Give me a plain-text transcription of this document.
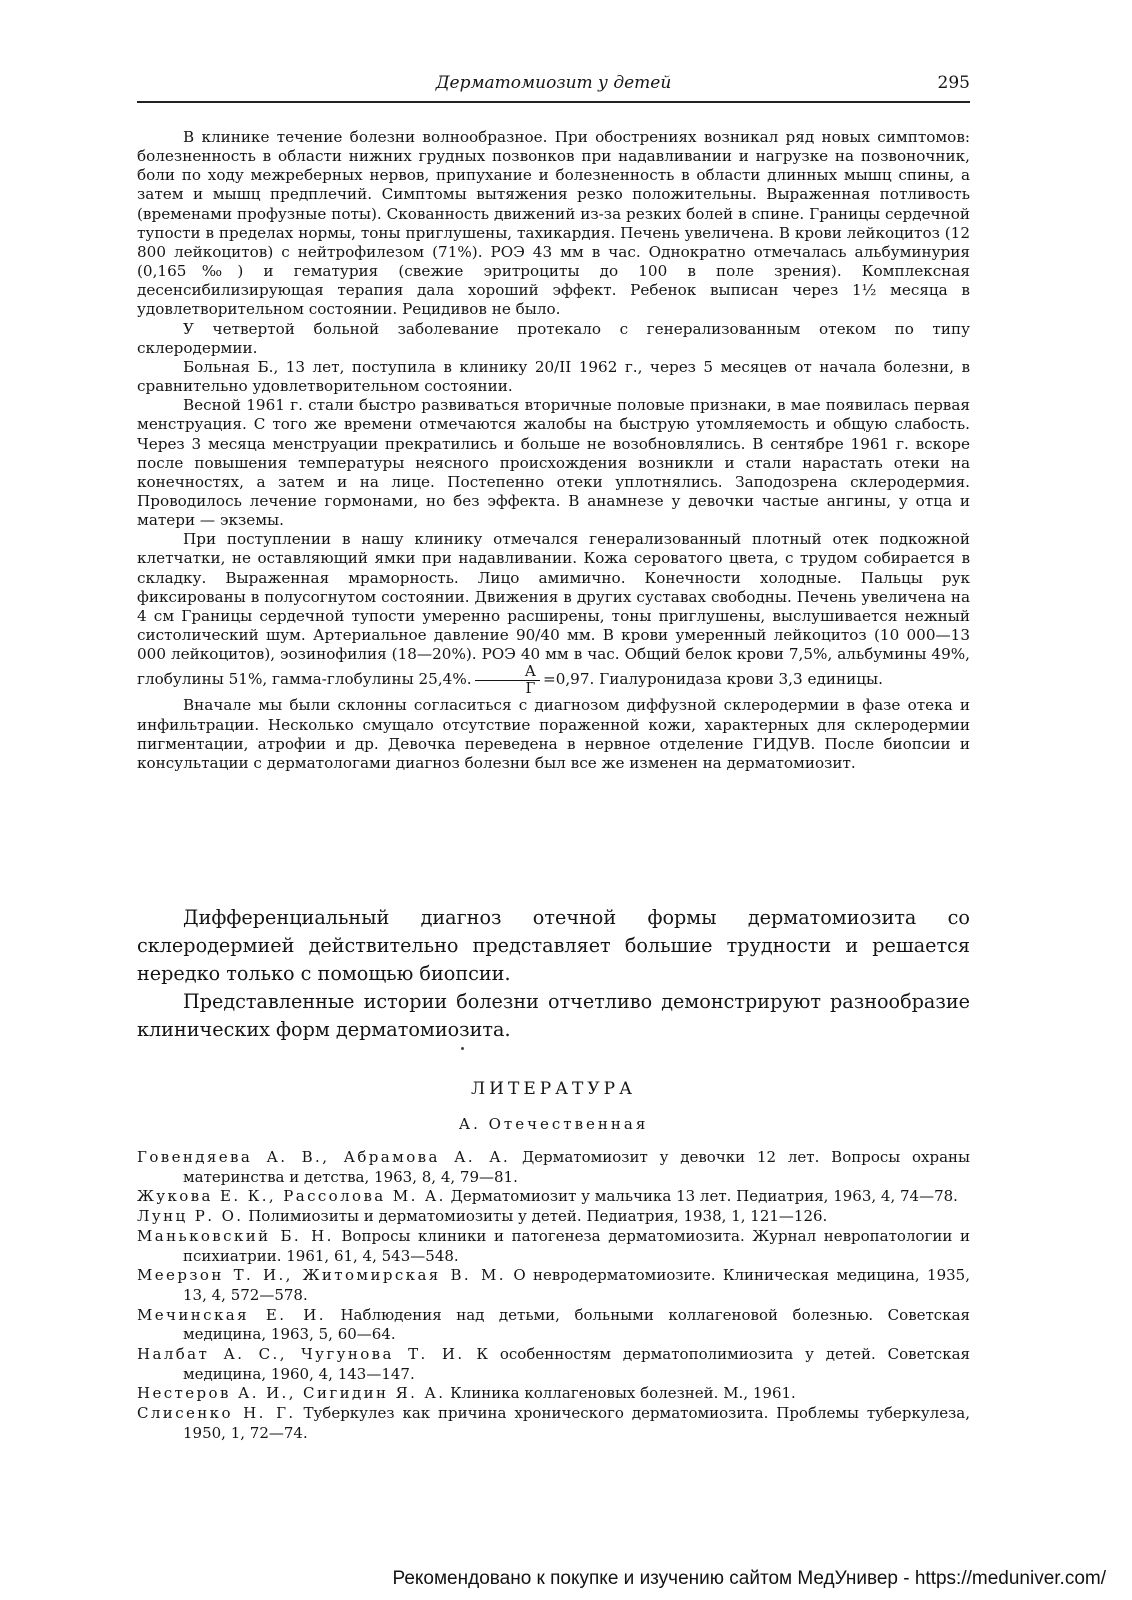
Дерматомиозит у детей	295

В клинике течение болезни волнообразное. При обострениях возникал ряд новых симптомов: болезненность в области нижних грудных позвонков при надавливании и нагрузке на позвоночник, боли по ходу межреберных нервов, припухание и болезненность в области длинных мышц спины, а затем и мышц предплечий. Симптомы вытяжения резко положительны. Выраженная потливость (временами профузные поты). Скованность движений из-за резких болей в спине. Границы сердечной тупости в пределах нормы, тоны приглушены, тахикардия. Печень увеличена. В крови лейкоцитоз (12 800 лейкоцитов) с нейтрофилезом (71%). РОЭ 43 мм в час. Однократно отмечалась альбуминурия (0,165‰) и гематурия (свежие эритроциты до 100 в поле зрения). Комплексная десенсибилизирующая терапия дала хороший эффект. Ребенок выписан через 1½ месяца в удовлетворительном состоянии. Рецидивов не было.

У четвертой больной заболевание протекало с генерализованным отеком по типу склеродермии.

Больная Б., 13 лет, поступила в клинику 20/II 1962 г., через 5 месяцев от начала болезни, в сравнительно удовлетворительном состоянии.

Весной 1961 г. стали быстро развиваться вторичные половые признаки, в мае появилась первая менструация. С того же времени отмечаются жалобы на быструю утомляемость и общую слабость. Через 3 месяца менструации прекратились и больше не возобновлялись. В сентябре 1961 г. вскоре после повышения температуры неясного происхождения возникли и стали нарастать отеки на конечностях, а затем и на лице. Постепенно отеки уплотнялись. Заподозрена склеродермия. Проводилось лечение гормонами, но без эффекта. В анамнезе у девочки частые ангины, у отца и матери — экземы.

При поступлении в нашу клинику отмечался генерализованный плотный отек подкожной клетчатки, не оставляющий ямки при надавливании. Кожа сероватого цвета, с трудом собирается в складку. Выраженная мраморность. Лицо амимично. Конечности холодные. Пальцы рук фиксированы в полусогнутом состоянии. Движения в других суставах свободны. Печень увеличена на 4 см Границы сердечной тупости умеренно расширены, тоны приглушены, выслушивается нежный систолический шум. Артериальное давление 90/40 мм. В крови умеренный лейкоцитоз (10 000—13 000 лейкоцитов), эозинофилия (18—20%). РОЭ 40 мм в час. Общий белок крови 7,5%, альбумины 49%, глобулины 51%, гамма-глобулины 25,4%. $\frac{А}{Г} =0,97$. Гиалуронидаза крови 3,3 единицы.

Вначале мы были склонны согласиться с диагнозом диффузной склеродермии в фазе отека и инфильтрации. Несколько смущало отсутствие пораженной кожи, характерных для склеродермии пигментации, атрофии и др. Девочка переведена в нервное отделение ГИДУВ. После биопсии и консультации с дерматологами диагноз болезни был все же изменен на дерматомиозит.

Дифференциальный диагноз отечной формы дерматомиозита со склеродермией действительно представляет большие трудности и решается нередко только с помощью биопсии.

Представленные истории болезни отчетливо демонстрируют разнообразие клинических форм дерматомиозита.

ЛИТЕРАТУРА
А. Отечественная
Говендяева А. В., Абрамова А. А. Дерматомиозит у девочки 12 лет. Вопросы охраны материнства и детства, 1963, 8, 4, 79—81.
Жукова Е. К., Рассолова М. А. Дерматомиозит у мальчика 13 лет. Педиатрия, 1963, 4, 74—78.
Лунц Р. О. Полимиозиты и дерматомиозиты у детей. Педиатрия, 1938, 1, 121—126.
Маньковский Б. Н. Вопросы клиники и патогенеза дерматомиозита. Журнал невропатологии и психиатрии. 1961, 61, 4, 543—548.
Меерзон Т. И., Житомирская В. М. О невродерматомиозите. Клиническая медицина, 1935, 13, 4, 572—578.
Мечинская Е. И. Наблюдения над детьми, больными коллагеновой болезнью. Советская медицина, 1963, 5, 60—64.
Налбат А. С., Чугунова Т. И. К особенностям дерматополимиозита у детей. Советская медицина, 1960, 4, 143—147.
Нестеров А. И., Сигидин Я. А. Клиника коллагеновых болезней. М., 1961.
Слисенко Н. Г. Туберкулез как причина хронического дерматомиозита. Проблемы туберкулеза, 1950, 1, 72—74.
Рекомендовано к покупке и изучению сайтом МедУнивер - https://meduniver.com/
